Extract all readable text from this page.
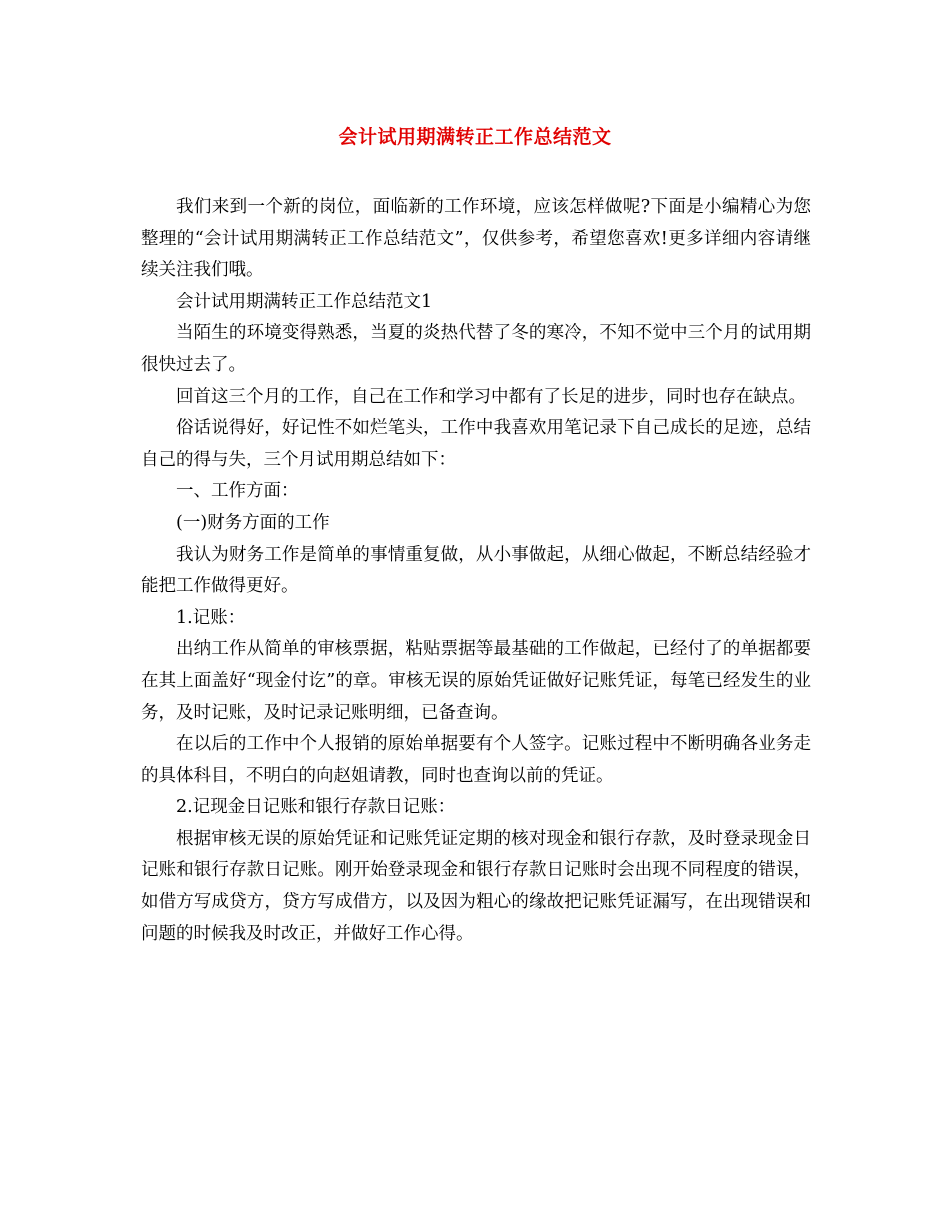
会计试用期满转正工作总结范文

我们来到一个新的岗位，面临新的工作环境，应该怎样做呢?下面是小编精心为您整理的“会计试用期满转正工作总结范文”，仅供参考，希望您喜欢!更多详细内容请继续关注我们哦。

会计试用期满转正工作总结范文1

当陌生的环境变得熟悉，当夏的炎热代替了冬的寒冷，不知不觉中三个月的试用期很快过去了。

回首这三个月的工作，自己在工作和学习中都有了长足的进步，同时也存在缺点。

俗话说得好，好记性不如烂笔头，工作中我喜欢用笔记录下自己成长的足迹，总结自己的得与失，三个月试用期总结如下：

一、工作方面：

(一)财务方面的工作

我认为财务工作是简单的事情重复做，从小事做起，从细心做起，不断总结经验才能把工作做得更好。

1.记账：

出纳工作从简单的审核票据，粘贴票据等最基础的工作做起，已经付了的单据都要在其上面盖好“现金付讫”的章。审核无误的原始凭证做好记账凭证，每笔已经发生的业务，及时记账，及时记录记账明细，已备查询。

在以后的工作中个人报销的原始单据要有个人签字。记账过程中不断明确各业务走的具体科目，不明白的向赵姐请教，同时也查询以前的凭证。

2.记现金日记账和银行存款日记账：

根据审核无误的原始凭证和记账凭证定期的核对现金和银行存款，及时登录现金日记账和银行存款日记账。刚开始登录现金和银行存款日记账时会出现不同程度的错误，如借方写成贷方，贷方写成借方，以及因为粗心的缘故把记账凭证漏写，在出现错误和问题的时候我及时改正，并做好工作心得。
